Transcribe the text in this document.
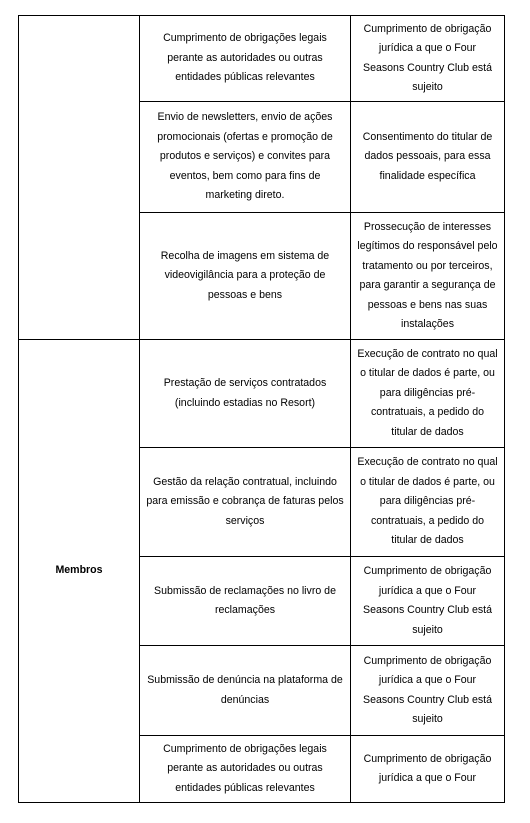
	Cumprimento de obrigações legais perante as autoridades ou outras entidades públicas relevantes	Cumprimento de obrigação jurídica a que o Four Seasons Country Club está sujeito
	Envio de newsletters, envio de ações promocionais (ofertas e promoção de produtos e serviços) e convites para eventos, bem como para fins de marketing direto.	Consentimento do titular de dados pessoais, para essa finalidade específica
	Recolha de imagens em sistema de videovigilância para a proteção de pessoas e bens	Prossecução de interesses legítimos do responsável pelo tratamento ou por terceiros, para garantir a segurança de pessoas e bens nas suas instalações
Membros	Prestação de serviços contratados (incluindo estadias no Resort)	Execução de contrato no qual o titular de dados é parte, ou para diligências pré-contratuais, a pedido do titular de dados
	Gestão da relação contratual, incluindo para emissão e cobrança de faturas pelos serviços	Execução de contrato no qual o titular de dados é parte, ou para diligências pré-contratuais, a pedido do titular de dados
	Submissão de reclamações no livro de reclamações	Cumprimento de obrigação jurídica a que o Four Seasons Country Club está sujeito
	Submissão de denúncia na plataforma de denúncias	Cumprimento de obrigação jurídica a que o Four Seasons Country Club está sujeito
	Cumprimento de obrigações legais perante as autoridades ou outras entidades públicas relevantes	Cumprimento de obrigação jurídica a que o Four
